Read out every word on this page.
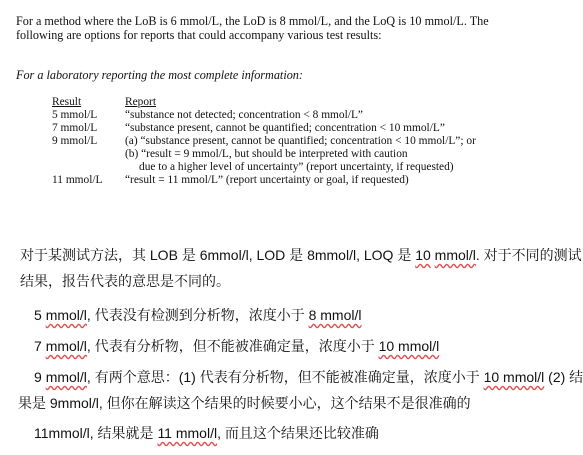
For a method where the LoB is 6 mmol/L, the LoD is 8 mmol/L, and the LoQ is 10 mmol/L. The
following are options for reports that could accompany various test results:
For a laboratory reporting the most complete information:
Result	Report
5 mmol/L	“substance not detected; concentration < 8 mmol/L”
7 mmol/L	“substance present, cannot be quantified; concentration < 10 mmol/L”
9 mmol/L	(a) “substance present, cannot be quantified; concentration < 10 mmol/L”; or
(b) “result = 9 mmol/L, but should be interpreted with caution
due to a higher level of uncertainty” (report uncertainty, if requested)
11 mmol/L	“result = 11 mmol/L” (report uncertainty or goal, if requested)

对于某测试方法，其 LOB 是 6mmol/l, LOD 是 8mmol/l, LOQ 是 10 mmol/l. 对于不同的测试

结果，报告代表的意思是不同的。

5 mmol/l, 代表没有检测到分析物，浓度小于 8 mmol/l

7 mmol/l, 代表有分析物，但不能被准确定量，浓度小于 10 mmol/l

9 mmol/l, 有两个意思：(1) 代表有分析物，但不能被准确定量，浓度小于 10 mmol/l (2) 结

果是 9mmol/l, 但你在解读这个结果的时候要小心，这个结果不是很准确的

11mmol/l, 结果就是 11 mmol/l, 而且这个结果还比较准确
